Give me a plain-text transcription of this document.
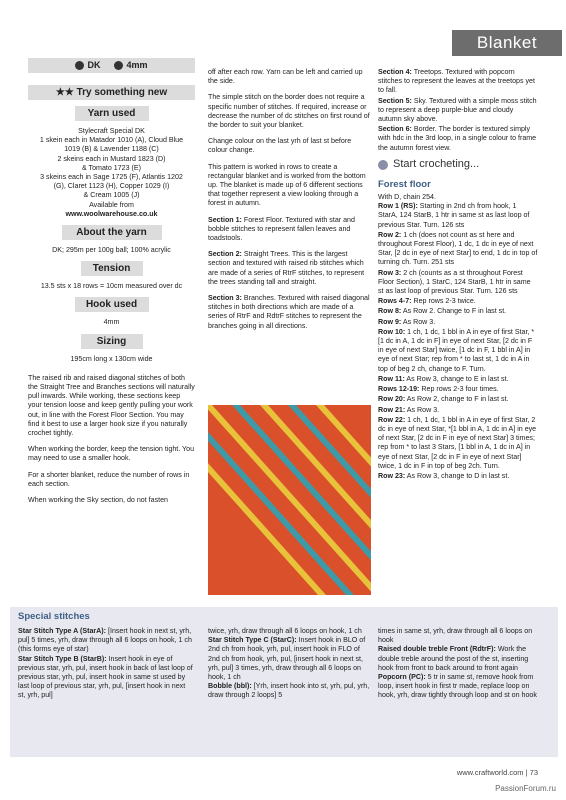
Blanket
DK	4mm
★★ Try something new
Yarn used
Stylecraft Special DK
1 skein each in Matador 1010 (A), Cloud Blue
1019 (B) & Lavender 1188 (C)
2 skeins each in Mustard 1823 (D)
& Tomato 1723 (E)
3 skeins each in Sage 1725 (F), Atlantis 1202
(G), Claret 1123 (H), Copper 1029 (I)
& Cream 1005 (J)
Available from
www.woolwarehouse.co.uk
About the yarn
DK; 295m per 100g ball; 100% acrylic
Tension
13.5 sts x 18 rows = 10cm measured over dc
Hook used
4mm
Sizing
195cm long x 130cm wide

The raised rib and raised diagonal stitches of both the Straight Tree and Branches sections will naturally pull inwards. While working, these sections keep your tension loose and keep gently pulling your work out, in line with the Forest Floor Section. You may find it best to use a larger hook size if you naturally crochet tightly.

When working the border, keep the tension tight. You may need to use a smaller hook.

For a shorter blanket, reduce the number of rows in each section.

When working the Sky section, do not fasten

off after each row. Yarn can be left and carried up the side.

The simple stitch on the border does not require a specific number of stitches. If required, increase or decrease the number of dc stitches on first round of the border to suit your blanket.

Change colour on the last yrh of last st before colour change.

This pattern is worked in rows to create a rectangular blanket and is worked from the bottom up. The blanket is made up of 6 different sections that together represent a view looking through a forest in autumn.

Section 1: Forest Floor. Textured with star and bobble stitches to represent fallen leaves and toadstools.

Section 2: Straight Trees. This is the largest section and textured with raised rib stitches which are made of a series of RtrF stitches, to represent the trees standing tall and straight.

Section 3: Branches. Textured with raised diagonal stitches in both directions which are made of a series of RtrF and RdtrF stitches to represent the branches going in all directions.

Section 4: Treetops. Textured with popcorn stitches to represent the leaves at the treetops yet to fall.

Section 5: Sky. Textured with a simple moss stitch to represent a deep purple-blue and cloudy autumn sky above.

Section 6: Border. The border is textured simply with hdc in the 3rd loop, in a single colour to frame the autumn forest view.

Start crocheting...
Forest floor
With D, chain 254.
Row 1 (RS): Starting in 2nd ch from hook, 1 StarA, 124 StarB, 1 htr in same st as last loop of previous Star. Turn. 126 sts
Row 2: 1 ch (does not count as st here and throughout Forest Floor), 1 dc, 1 dc in eye of next Star, [2 dc in eye of next Star] to end, 1 dc in top of turning ch. Turn. 251 sts
Row 3: 2 ch (counts as a st throughout Forest Floor Section), 1 StarC, 124 StarB, 1 htr in same st as last loop of previous Star. Turn. 126 sts
Rows 4-7: Rep rows 2-3 twice.
Row 8: As Row 2. Change to F in last st.
Row 9: As Row 3.
Row 10: 1 ch, 1 dc, 1 bbl in A in eye of first Star, *[1 dc in A, 1 dc in F] in eye of next Star, [2 dc in F in eye of next Star] twice, [1 dc in F, 1 bbl in A] in eye of next Star; rep from * to last st, 1 dc in A in top of beg 2 ch, change to F. Turn.
Row 11: As Row 3, change to E in last st.
Rows 12-19: Rep rows 2-3 four times.
Row 20: As Row 2, change to F in last st.
Row 21: As Row 3.
Row 22: 1 ch, 1 dc, 1 bbl in A in eye of first Star, 2 dc in eye of next Star, *[1 bbl in A, 1 dc in A] in eye of next Star, [2 dc in F in eye of next Star] 3 times; rep from * to last 3 Stars, [1 bbl in A, 1 dc in A] in eye of next Star, [2 dc in F in eye of next Star] twice, 1 dc in F in top of beg 2ch. Turn.
Row 23: As Row 3, change to D in last st.
Special stitches

Star Stitch Type A (StarA): [Insert hook in next st, yrh, pul] 5 times, yrh, draw through all 6 loops on hook, 1 ch (this forms eye of star)

Star Stitch Type B (StarB): Insert hook in eye of previous star, yrh, pul, insert hook in back of last loop of previous star, yrh, pul, insert hook in same st used by last loop of previous star, yrh, pul, [insert hook in next st, yrh, pul]

twice, yrh, draw through all 6 loops on hook, 1 ch

Star Stitch Type C (StarC): Insert hook in BLO of 2nd ch from hook, yrh, pul, insert hook in FLO of 2nd ch from hook, yrh, pul, [insert hook in next st, yrh, pul] 3 times, yrh, draw through all 6 loops on hook, 1 ch

Bobble (bbl): [Yrh, insert hook into st, yrh, pul, yrh, draw through 2 loops] 5

times in same st, yrh, draw through all 6 loops on hook

Raised double treble Front (RdtrF): Work the double treble around the post of the st, inserting hook from front to back around to front again

Popcorn (PC): 5 tr in same st, remove hook from loop, insert hook in first tr made, replace loop on hook, yrh, draw tightly through loop and st on hook

www.craftworld.com | 73
PassionForum.ru
